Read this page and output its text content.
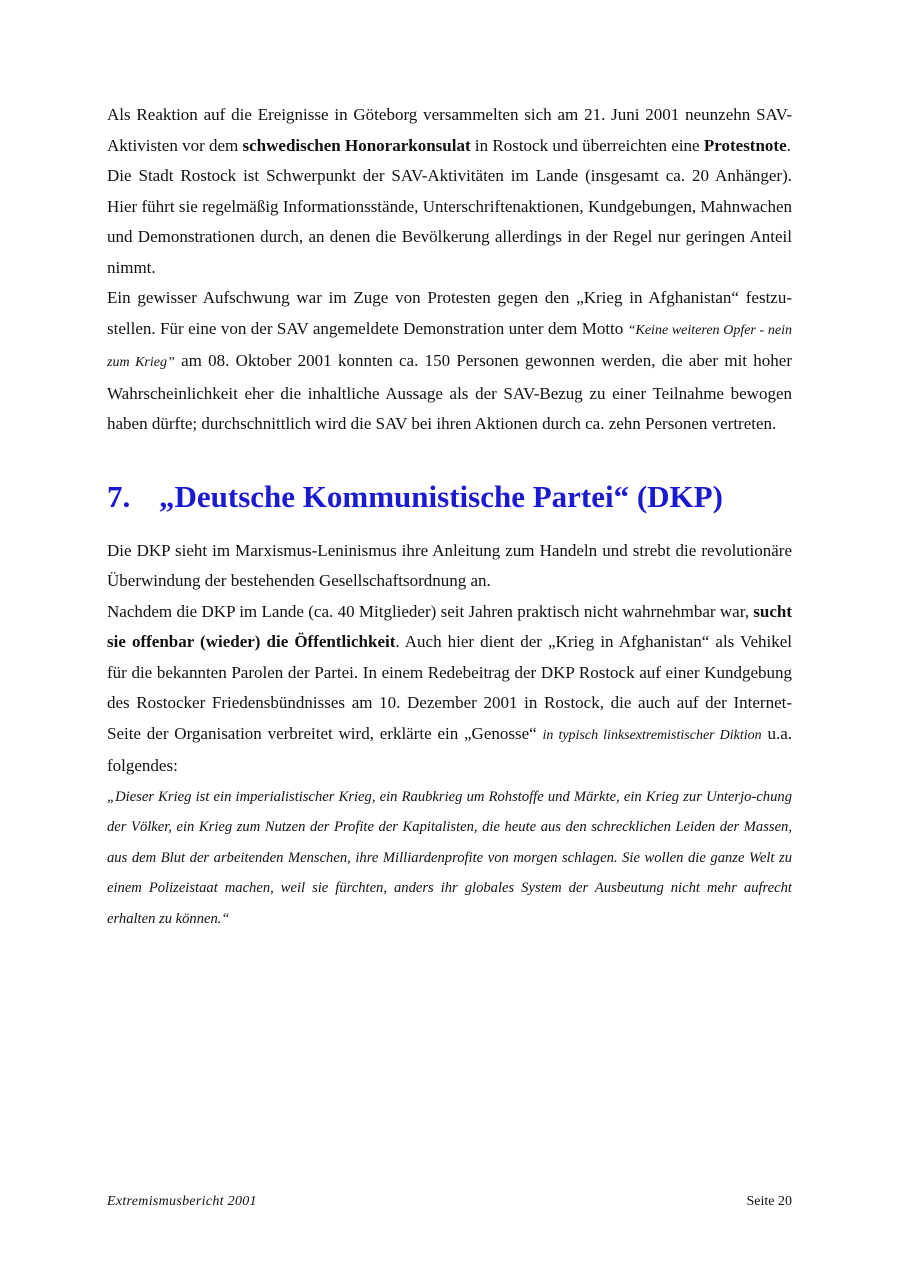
Als Reaktion auf die Ereignisse in Göteborg versammelten sich am 21. Juni 2001 neunzehn SAV-Aktivisten vor dem schwedischen Honorarkonsulat in Rostock und überreichten eine Protestnote.

Die Stadt Rostock ist Schwerpunkt der SAV-Aktivitäten im Lande (insgesamt ca. 20 Anhänger). Hier führt sie regelmäßig Informationsstände, Unterschriftenaktionen, Kundgebungen, Mahnwachen und Demonstrationen durch, an denen die Bevölkerung allerdings in der Regel nur geringen Anteil nimmt.

Ein gewisser Aufschwung war im Zuge von Protesten gegen den „Krieg in Afghanistan“ festzu-stellen. Für eine von der SAV angemeldete Demonstration unter dem Motto “Keine weiteren Opfer - nein zum Krieg” am 08. Oktober 2001 konnten ca. 150 Personen gewonnen werden, die aber mit hoher Wahrscheinlichkeit eher die inhaltliche Aussage als der SAV-Bezug zu einer Teilnahme bewogen haben dürfte; durchschnittlich wird die SAV bei ihren Aktionen durch ca. zehn Personen vertreten.

7. „Deutsche Kommunistische Partei“ (DKP)

Die DKP sieht im Marxismus-Leninismus ihre Anleitung zum Handeln und strebt die revolutionäre Überwindung der bestehenden Gesellschaftsordnung an.

Nachdem die DKP im Lande (ca. 40 Mitglieder) seit Jahren praktisch nicht wahrnehmbar war, sucht sie offenbar (wieder) die Öffentlichkeit. Auch hier dient der „Krieg in Afghanistan“ als Vehikel für die bekannten Parolen der Partei. In einem Redebeitrag der DKP Rostock auf einer Kundgebung des Rostocker Friedensbündnisses am 10. Dezember 2001 in Rostock, die auch auf der Internet-Seite der Organisation verbreitet wird, erklärte ein „Genosse“ in typisch linksextremistischer Diktion u.a. folgendes:

„Dieser Krieg ist ein imperialistischer Krieg, ein Raubkrieg um Rohstoffe und Märkte, ein Krieg zur Unterjo-chung der Völker, ein Krieg zum Nutzen der Profite der Kapitalisten, die heute aus den schrecklichen Leiden der Massen, aus dem Blut der arbeitenden Menschen, ihre Milliardenprofite von morgen schlagen. Sie wollen die ganze Welt zu einem Polizeistaat machen, weil sie fürchten, anders ihr globales System der Ausbeutung nicht mehr aufrecht erhalten zu können.“

Extremismusbericht 2001	Seite 20
